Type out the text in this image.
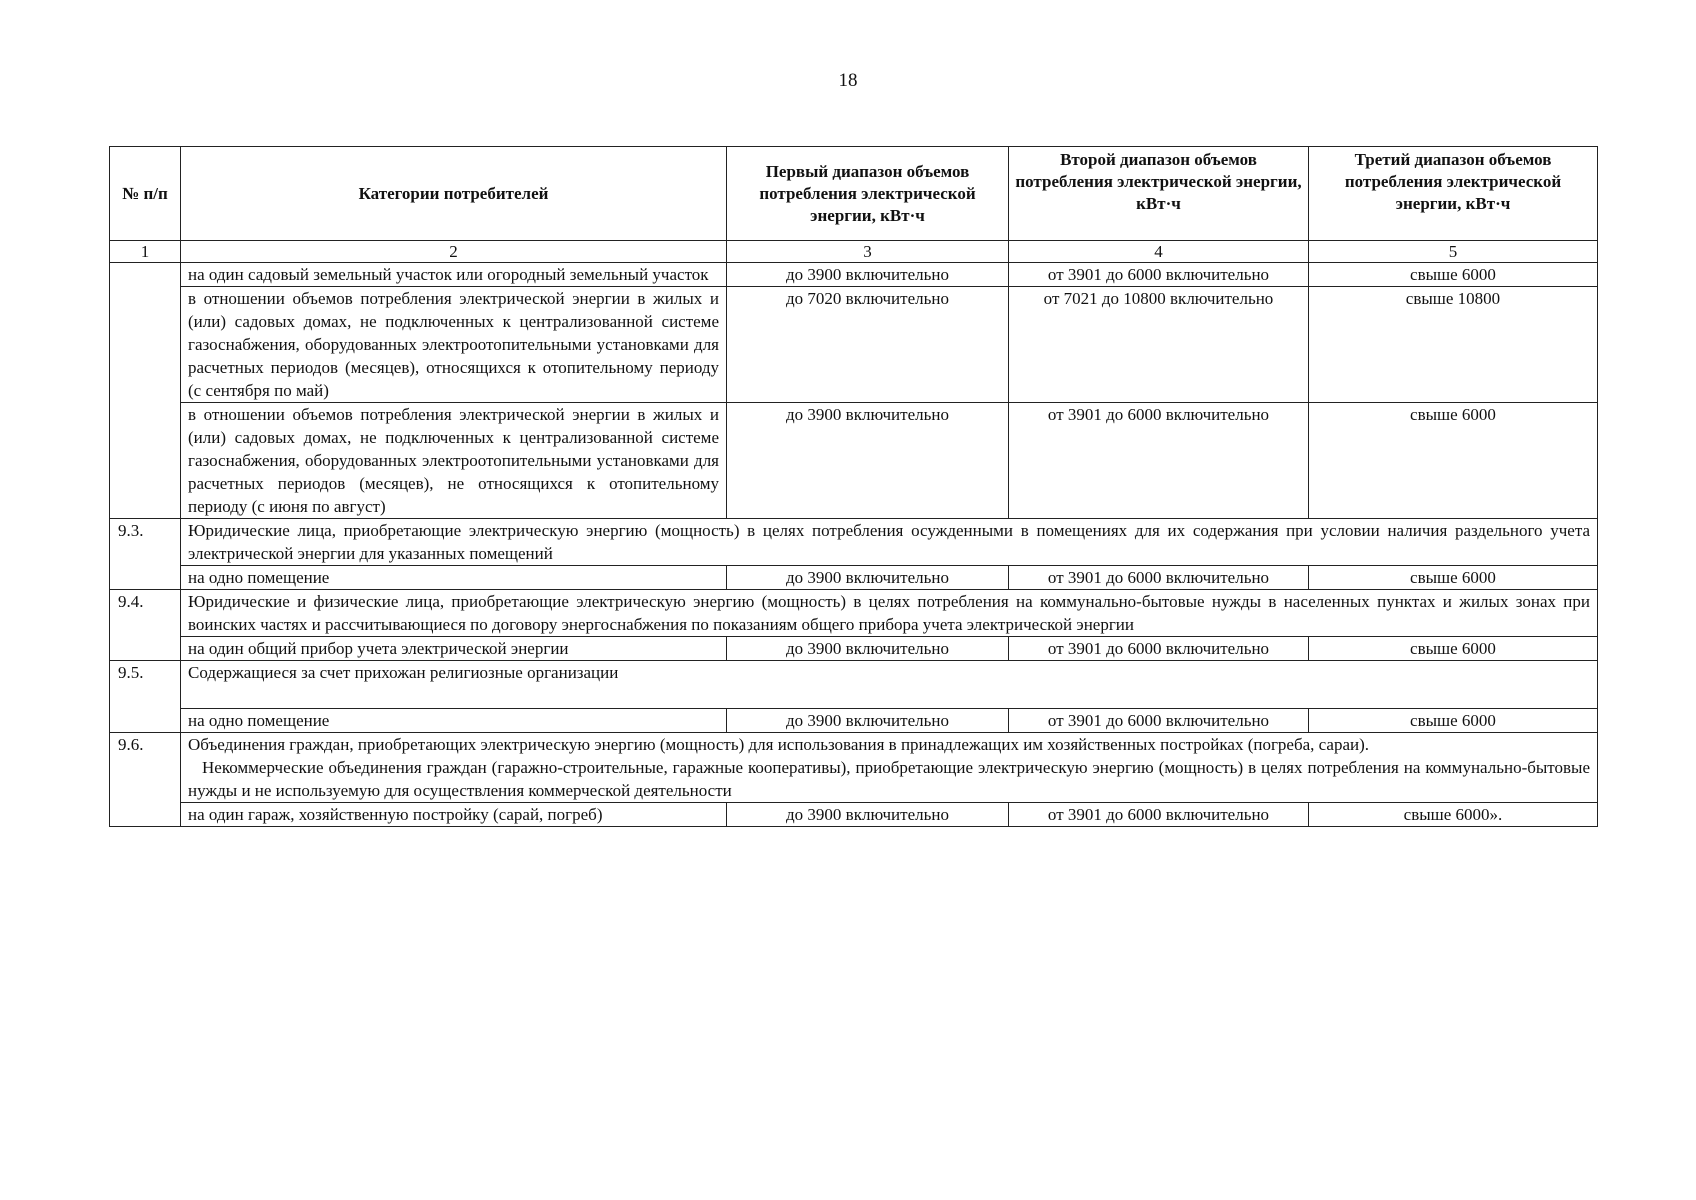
18
№ п/п	Категории потребителей	Первый диапазон объемов потребления электрической энергии, кВт·ч	Второй диапазон объемов потребления электрической энергии, кВт·ч	Третий диапазон объемов потребления электрической энергии, кВт·ч
1	2	3	4	5
	на один садовый земельный участок или огородный земельный участок	до 3900 включительно	от 3901 до 6000 включительно	свыше 6000
	в отношении объемов потребления электрической энергии в жилых и (или) садовых домах, не подключенных к централизованной системе газоснабжения, оборудованных электроотопительными установками для расчетных периодов (месяцев), относящихся к отопительному периоду (с сентября по май)	до 7020 включительно	от 7021 до 10800 включительно	свыше 10800
	в отношении объемов потребления электрической энергии в жилых и (или) садовых домах, не подключенных к централизованной системе газоснабжения, оборудованных электроотопительными установками для расчетных периодов (месяцев), не относящихся к отопительному периоду (с июня по август)	до 3900 включительно	от 3901 до 6000 включительно	свыше 6000
9.3.	Юридические лица, приобретающие электрическую энергию (мощность) в целях потребления осужденными в помещениях для их содержания при условии наличия раздельного учета электрической энергии для указанных помещений			
	на одно помещение	до 3900 включительно	от 3901 до 6000 включительно	свыше 6000
9.4.	Юридические и физические лица, приобретающие электрическую энергию (мощность) в целях потребления на коммунально-бытовые нужды в населенных пунктах и жилых зонах при воинских частях и рассчитывающиеся по договору энергоснабжения по показаниям общего прибора учета электрической энергии			
	на один общий прибор учета электрической энергии	до 3900 включительно	от 3901 до 6000 включительно	свыше 6000
9.5.	Содержащиеся за счет прихожан религиозные организации			
	на одно помещение	до 3900 включительно	от 3901 до 6000 включительно	свыше 6000
9.6.	Объединения граждан, приобретающих электрическую энергию (мощность) для использования в принадлежащих им хозяйственных постройках (погреба, сараи).
Некоммерческие объединения граждан (гаражно-строительные, гаражные кооперативы), приобретающие электрическую энергию (мощность) в целях потребления на коммунально-бытовые нужды и не используемую для осуществления коммерческой деятельности			

	на один гараж, хозяйственную постройку (сарай, погреб)	до 3900 включительно	от 3901 до 6000 включительно	свыше 6000».
